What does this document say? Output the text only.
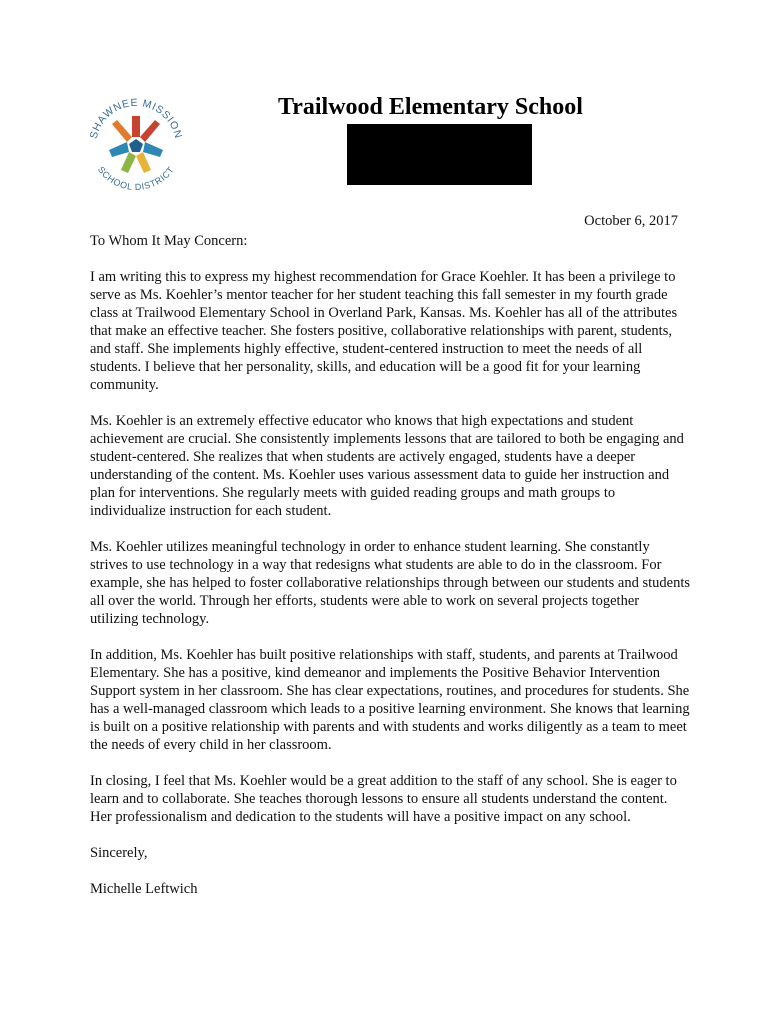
SHAWNEE MISSION
SCHOOL DISTRICT
Trailwood Elementary School
October 6, 2017

To Whom It May Concern:

I am writing this to express my highest recommendation for Grace Koehler. It has been a privilege to serve as Ms. Koehler’s mentor teacher for her student teaching this fall semester in my fourth grade class at Trailwood Elementary School in Overland Park, Kansas. Ms. Koehler has all of the attributes that make an effective teacher. She fosters positive, collaborative relationships with parent, students, and staff. She implements highly effective, student-centered instruction to meet the needs of all students. I believe that her personality, skills, and education will be a good fit for your learning community.

Ms. Koehler is an extremely effective educator who knows that high expectations and student achievement are crucial. She consistently implements lessons that are tailored to both be engaging and student-centered. She realizes that when students are actively engaged, students have a deeper understanding of the content. Ms. Koehler uses various assessment data to guide her instruction and plan for interventions. She regularly meets with guided reading groups and math groups to individualize instruction for each student.

Ms. Koehler utilizes meaningful technology in order to enhance student learning. She constantly strives to use technology in a way that redesigns what students are able to do in the classroom. For example, she has helped to foster collaborative relationships through between our students and students all over the world. Through her efforts, students were able to work on several projects together utilizing technology.

In addition, Ms. Koehler has built positive relationships with staff, students, and parents at Trailwood Elementary. She has a positive, kind demeanor and implements the Positive Behavior Intervention Support system in her classroom. She has clear expectations, routines, and procedures for students. She has a well-managed classroom which leads to a positive learning environment. She knows that learning is built on a positive relationship with parents and with students and works diligently as a team to meet the needs of every child in her classroom.

In closing, I feel that Ms. Koehler would be a great addition to the staff of any school. She is eager to learn and to collaborate. She teaches thorough lessons to ensure all students understand the content. Her professionalism and dedication to the students will have a positive impact on any school.

Sincerely,

Michelle Leftwich
